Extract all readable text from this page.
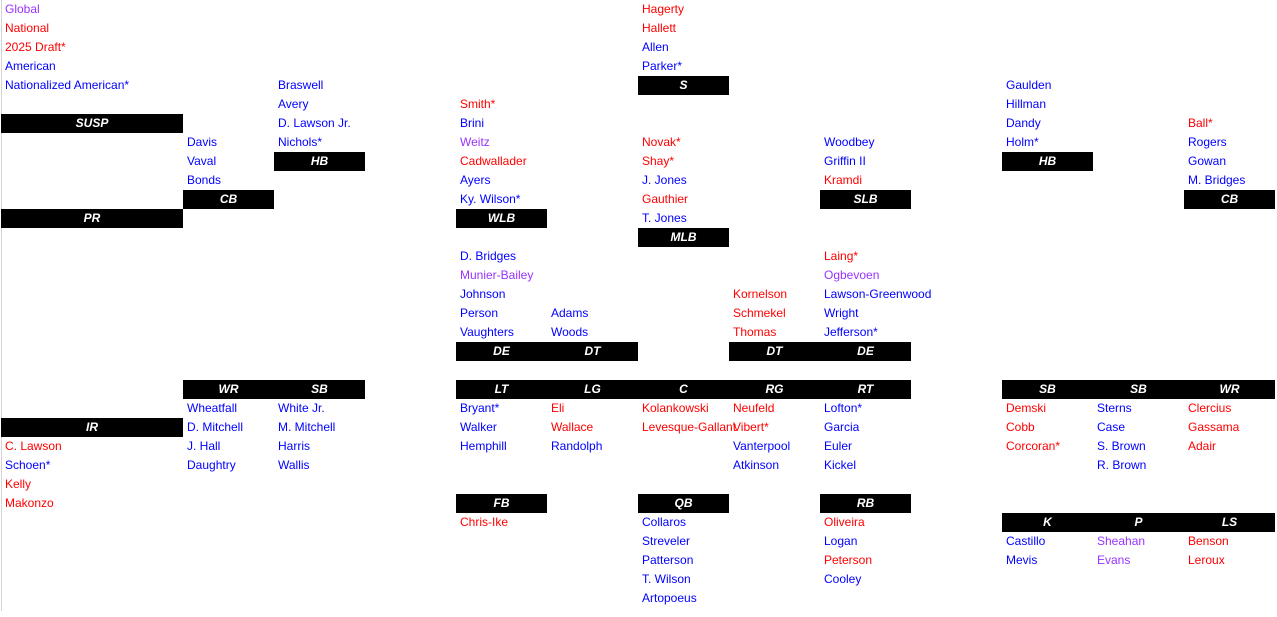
Global
National
2025 Draft*
American
Nationalized American*
SUSP
PR
IR
C. Lawson
Schoen*
Kelly
Makonzo
CB
Davis
Vaval
Bonds
HB
Braswell
Avery
D. Lawson Jr.
Nichols*
WLB
Smith*
Brini
Weitz
Cadwallader
Ayers
Ky. Wilson*
S
Hagerty
Hallett
Allen
Parker*
MLB
Novak*
Shay*
J. Jones
Gauthier
T. Jones
SLB
Woodbey
Griffin II
Kramdi
HB
Gaulden
Hillman
Dandy
Holm*
CB
Ball*
Rogers
Gowan
M. Bridges
DE
D. Bridges
Munier-Bailey
Johnson
Person
Vaughters
DT
Adams
Woods
DT
Kornelson
Schmekel
Thomas
DE
Laing*
Ogbevoen
Lawson-Greenwood
Wright
Jefferson*
WR
Wheatfall
D. Mitchell
J. Hall
Daughtry
SB
White Jr.
M. Mitchell
Harris
Wallis
LT
Bryant*
Walker
Hemphill
LG
Eli
Wallace
Randolph
C
Kolankowski
Levesque-Gallant
RG
Neufeld
Vibert*
Vanterpool
Atkinson
RT
Lofton*
Garcia
Euler
Kickel
SB
Demski
Cobb
Corcoran*
SB
Sterns
Case
S. Brown
R. Brown
WR
Clercius
Gassama
Adair
FB
Chris-Ike
QB
Collaros
Streveler
Patterson
T. Wilson
Artopoeus
RB
Oliveira
Logan
Peterson
Cooley
K
Castillo
Mevis
P
Sheahan
Evans
LS
Benson
Leroux
